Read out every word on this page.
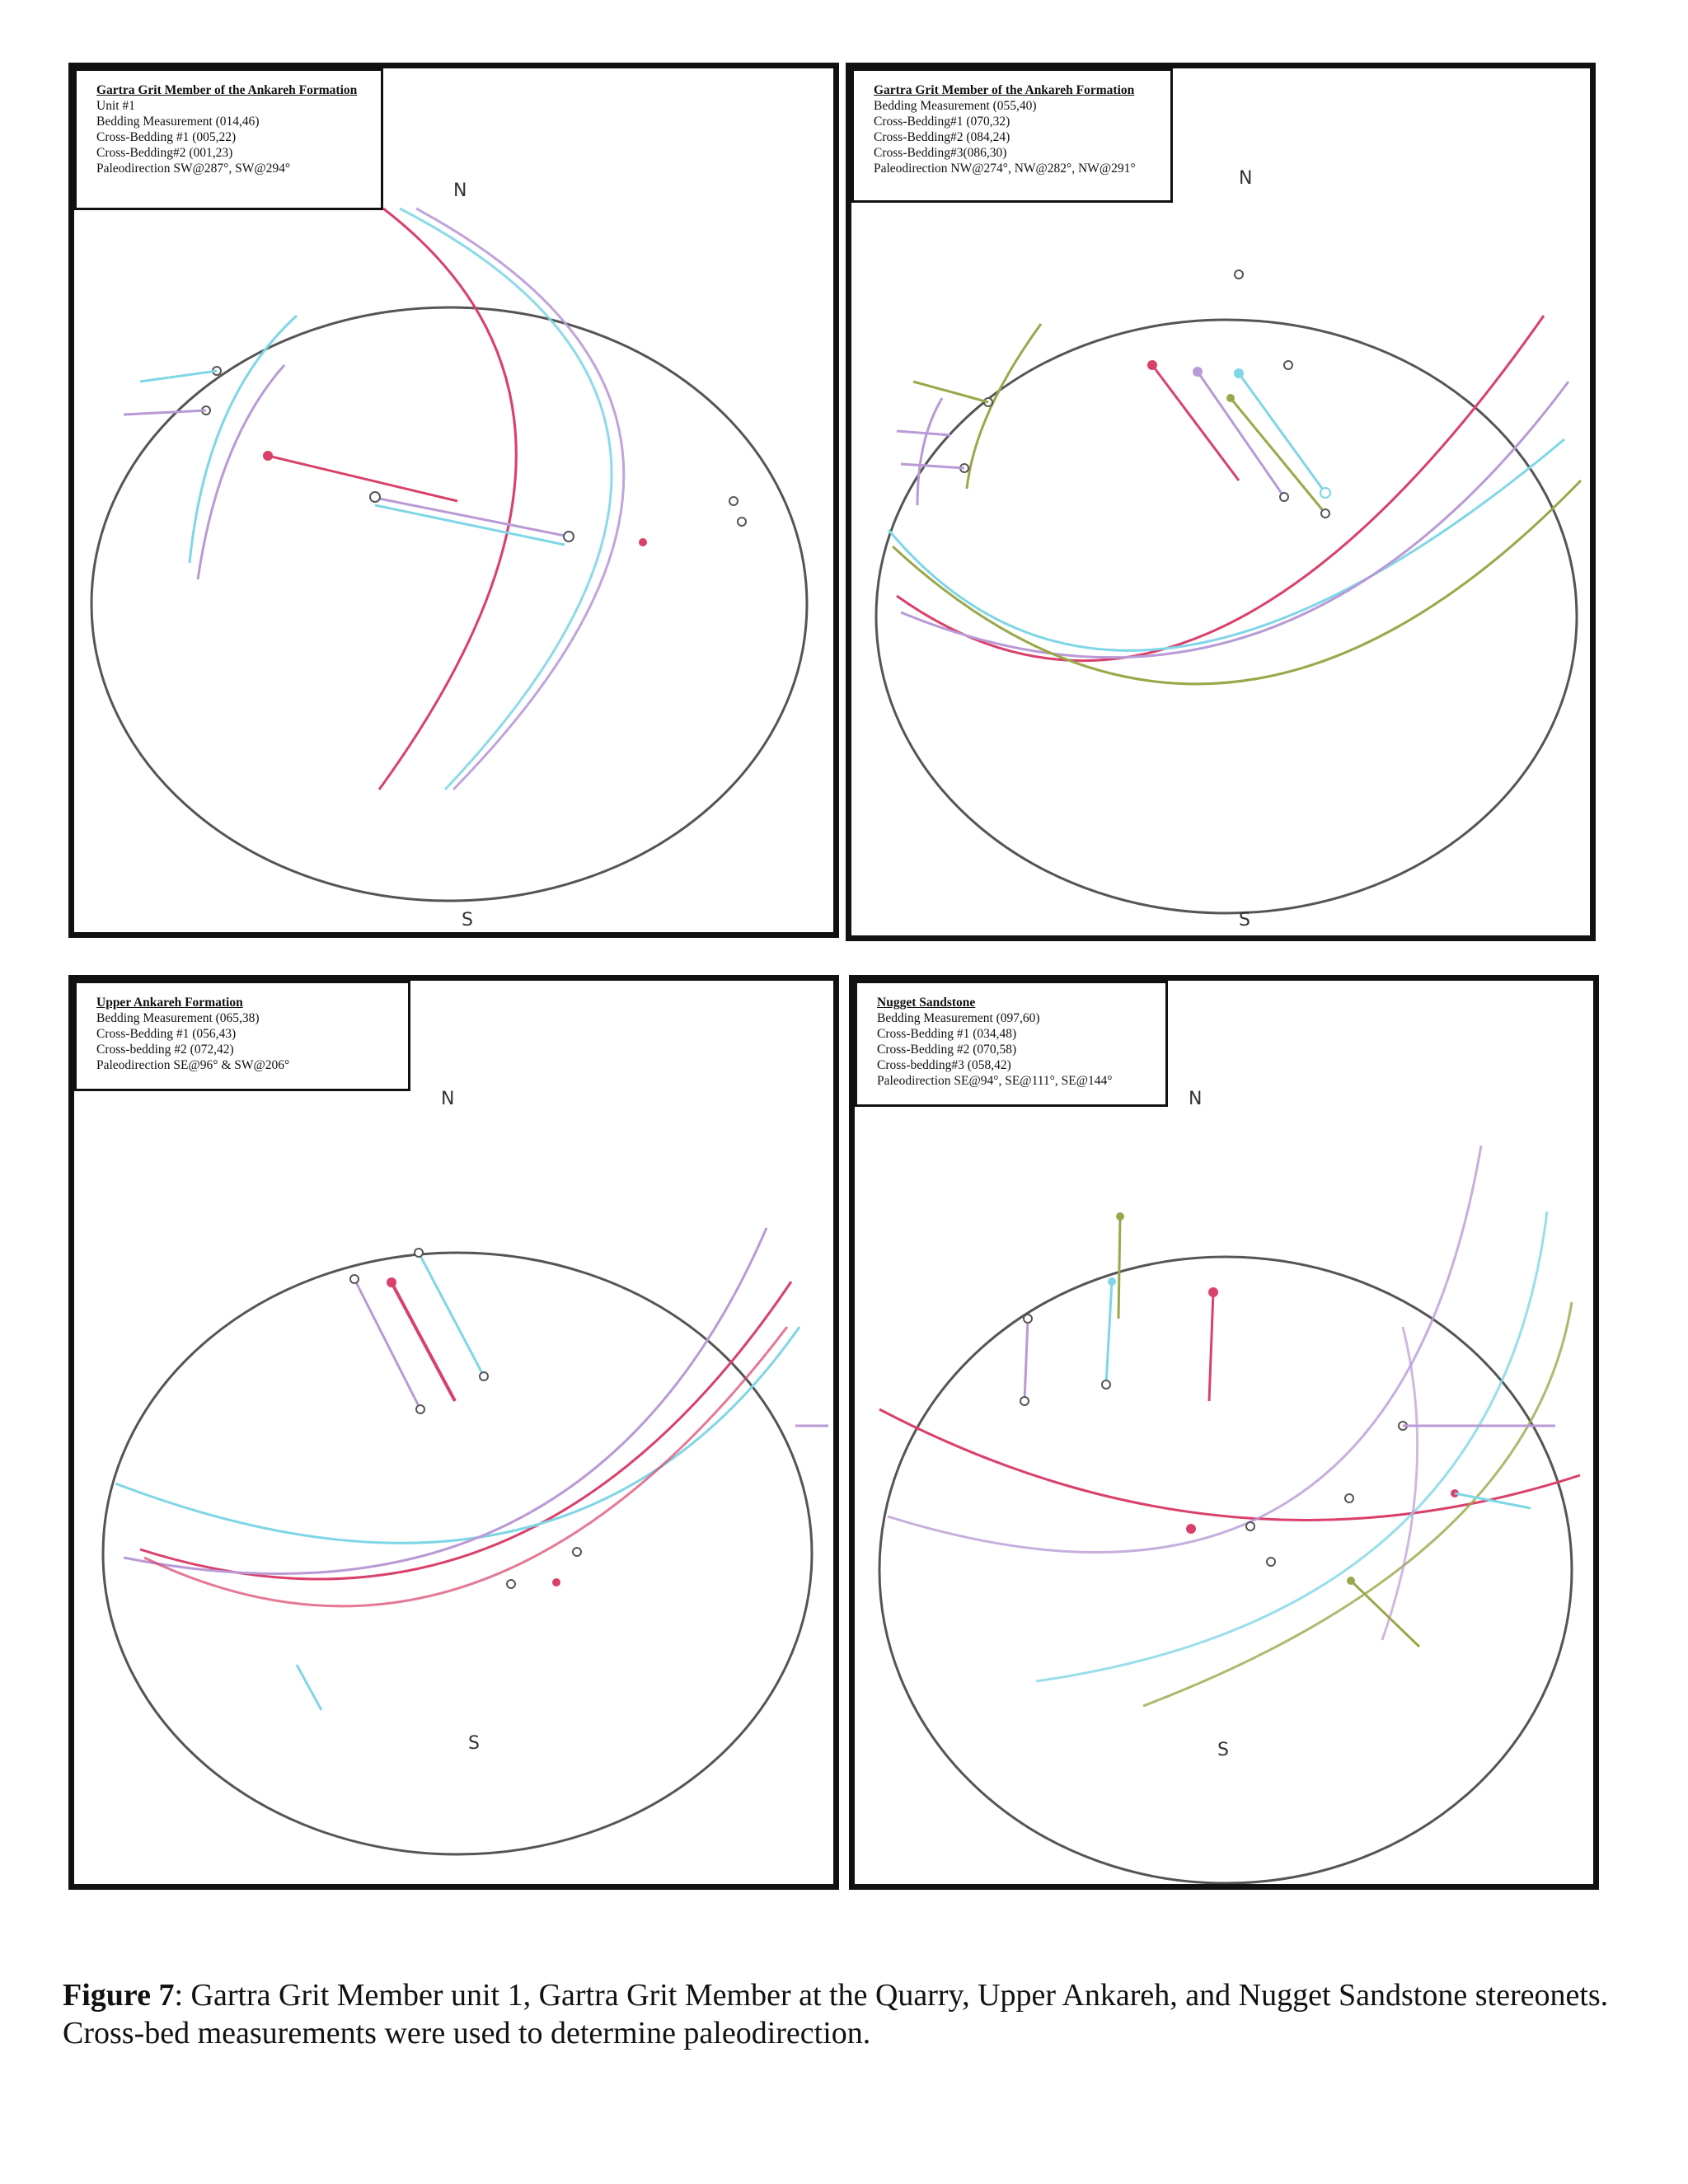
N
S
Gartra Grit Member of the Ankareh Formation
Unit #1
Bedding Measurement (014,46)
Cross-Bedding #1 (005,22)
Cross-Bedding#2 (001,23)
Paleodirection SW@287°, SW@294°	N
S
Gartra Grit Member of the Ankareh Formation
Bedding Measurement (055,40)
Cross-Bedding#1 (070,32)
Cross-Bedding#2 (084,24)
Cross-Bedding#3(086,30)
Paleodirection NW@274°, NW@282°, NW@291°
N
S
Upper Ankareh Formation
Bedding Measurement (065,38)
Cross-Bedding #1 (056,43)
Cross-bedding #2 (072,42)
Paleodirection SE@96° & SW@206°
N
S
Nugget Sandstone
Bedding Measurement (097,60)
Cross-Bedding #1 (034,48)
Cross-Bedding #2 (070,58)
Cross-bedding#3 (058,42)
Paleodirection SE@94°, SE@111°, SE@144°
Figure 7: Gartra Grit Member unit 1, Gartra Grit Member at the Quarry, Upper Ankareh, and Nugget Sandstone stereonets. Cross-bed measurements were used to determine paleodirection.
